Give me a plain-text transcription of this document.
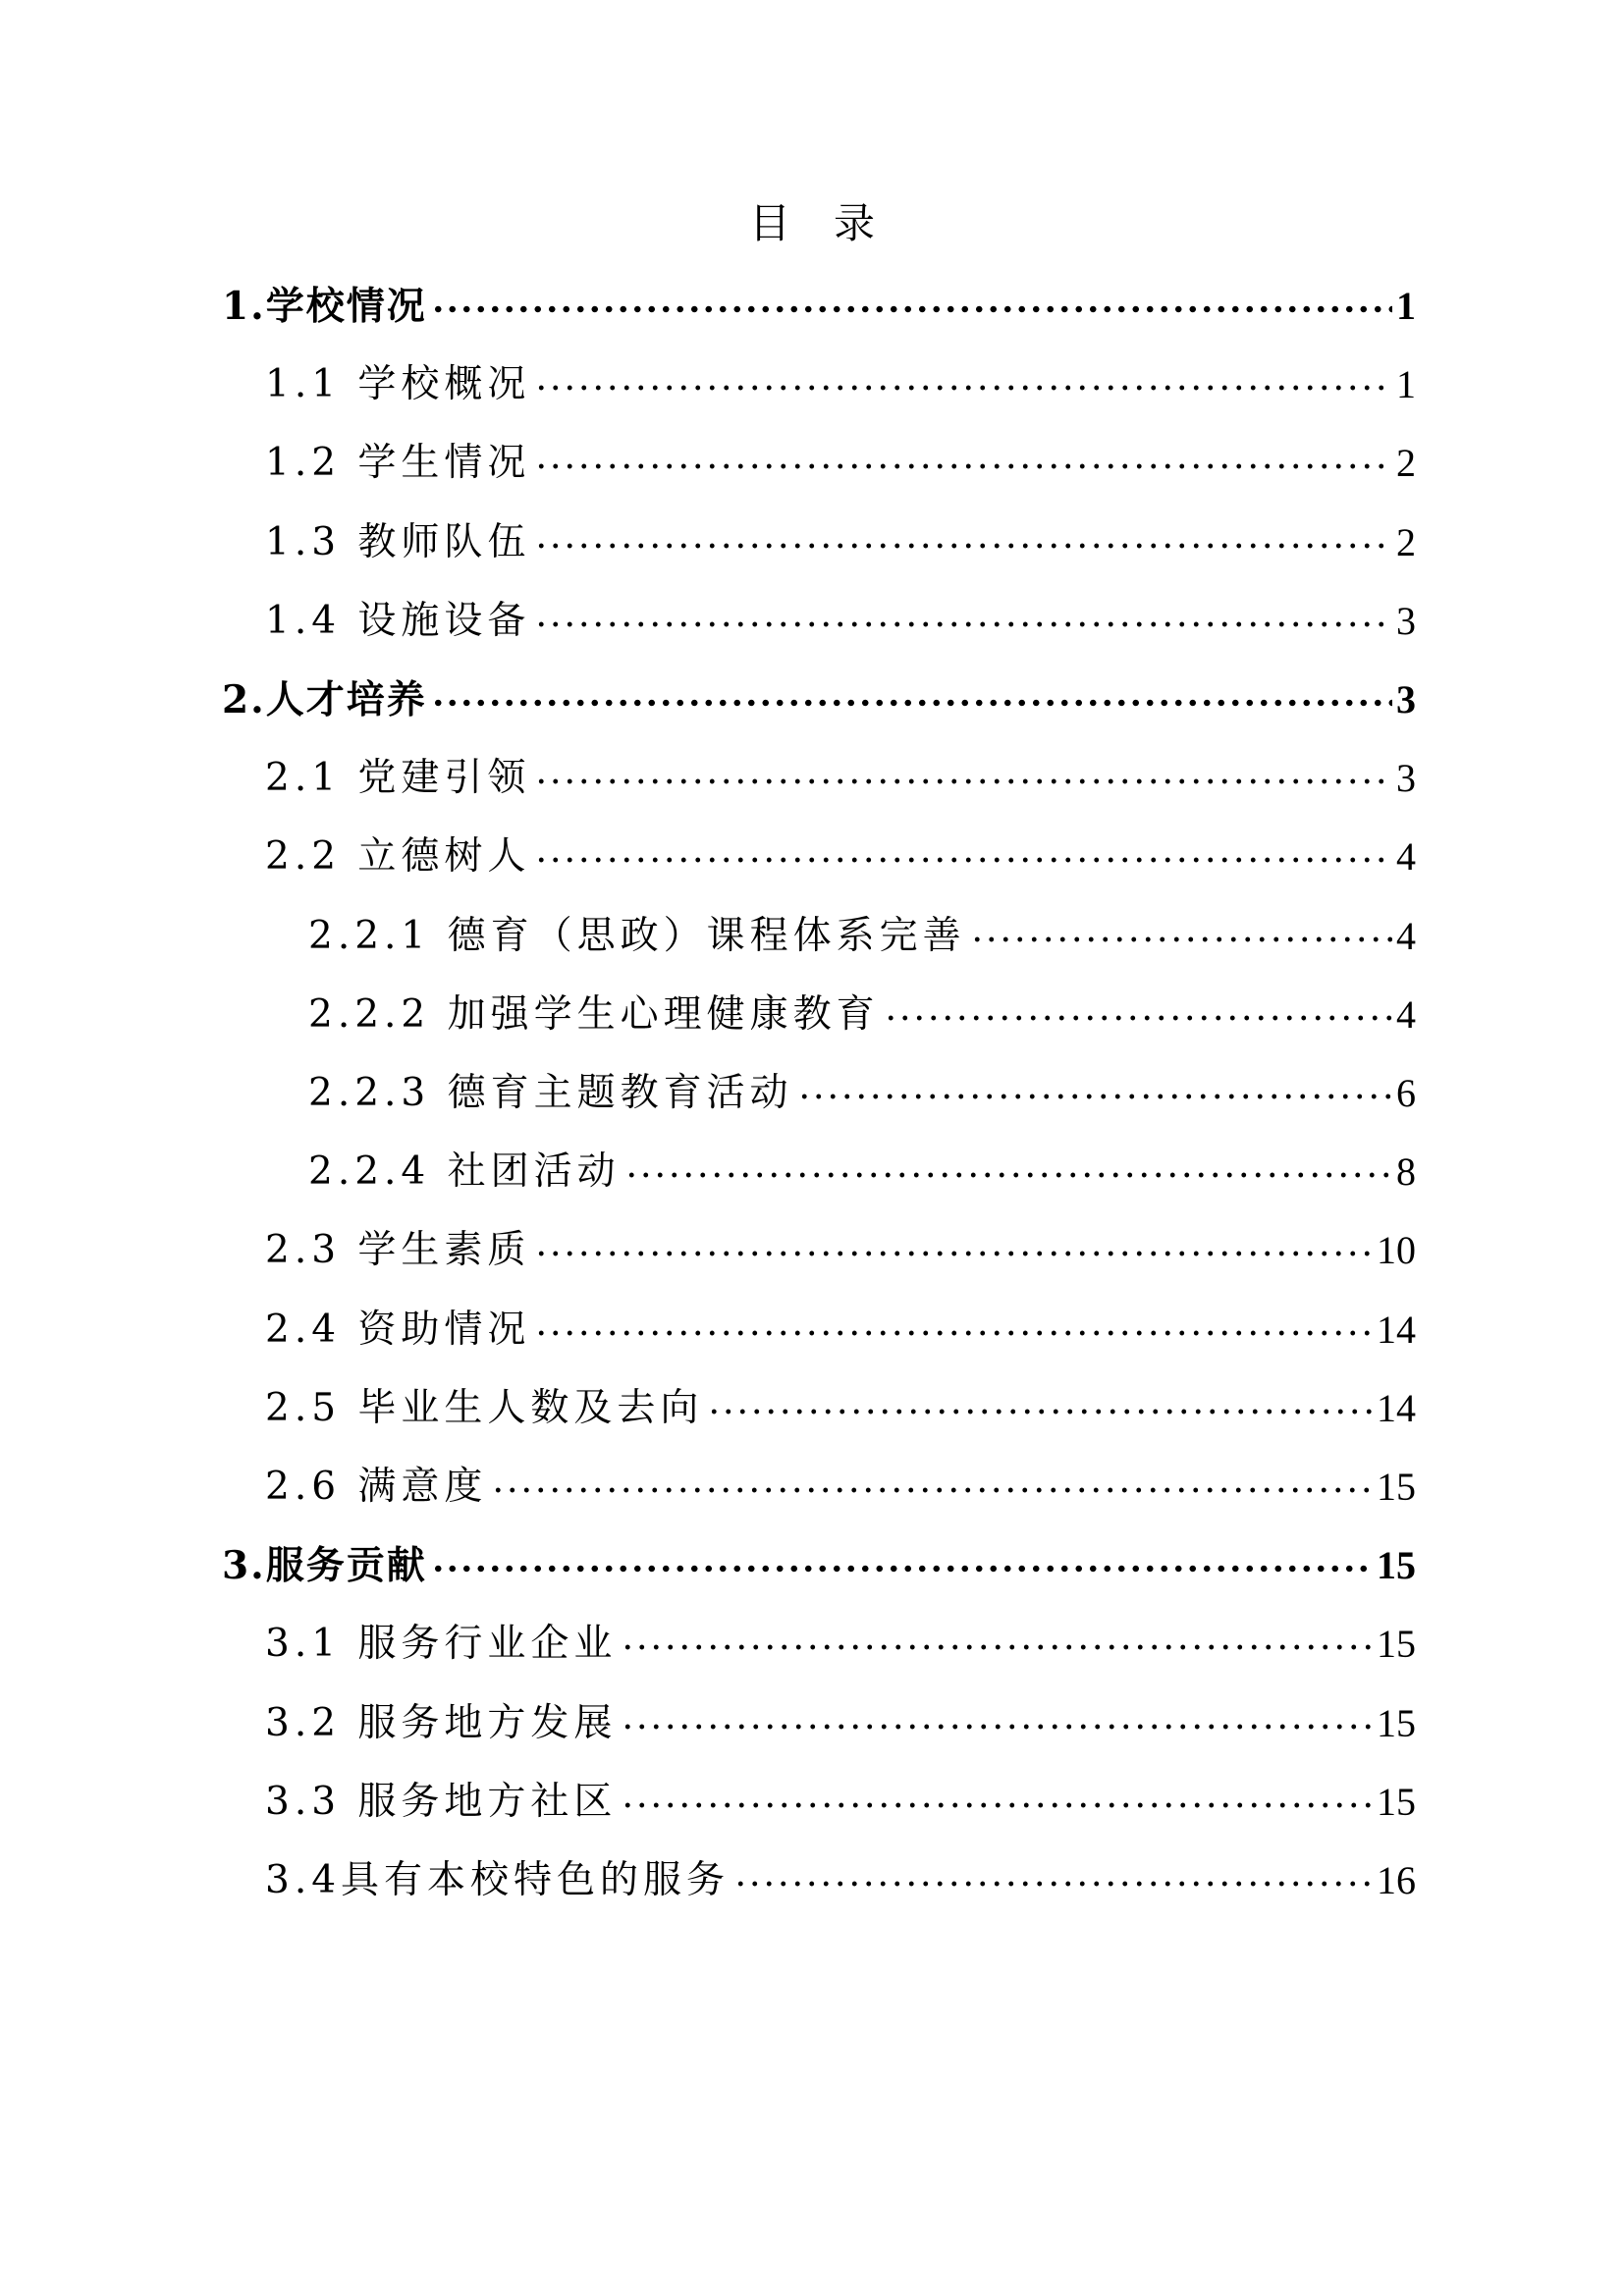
目录
1.学校情况	1
1.1 学校概况	1
1.2 学生情况	2
1.3 教师队伍	2
1.4 设施设备	3
2.人才培养	3
2.1 党建引领	3
2.2 立德树人	4
2.2.1 德育（思政）课程体系完善	4
2.2.2 加强学生心理健康教育	4
2.2.3 德育主题教育活动	6
2.2.4 社团活动	8
2.3 学生素质	10
2.4 资助情况	14
2.5 毕业生人数及去向	14
2.6 满意度	15
3.服务贡献	15
3.1 服务行业企业	15
3.2 服务地方发展	15
3.3 服务地方社区	15
3.4具有本校特色的服务	16
